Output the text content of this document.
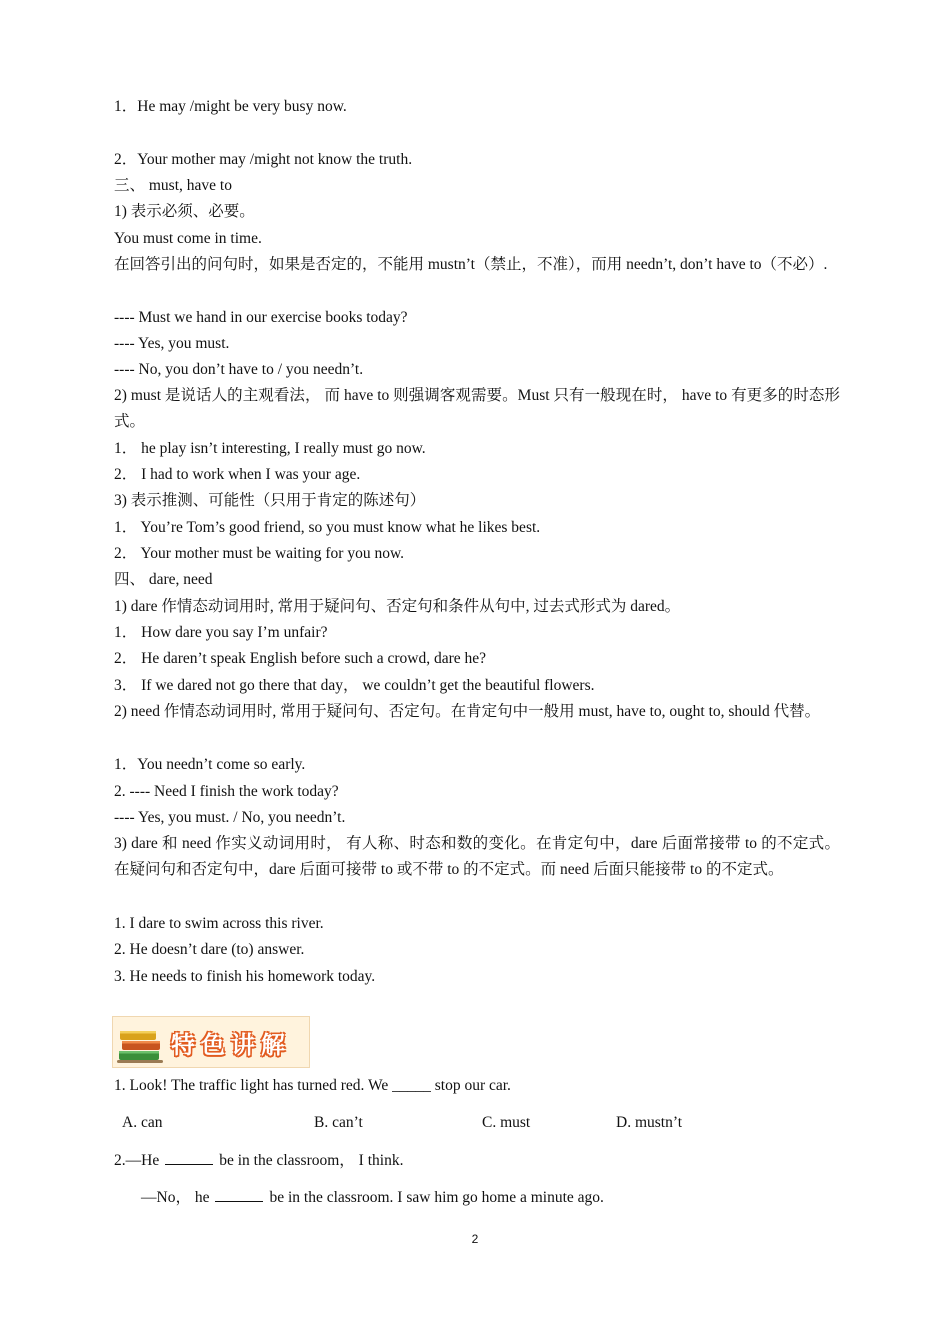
1．He may /might be very busy now.
2．Your mother may /might not know the truth.
三、 must, have to
1) 表示必须、必要。
You must come in time.
在回答引出的问句时，如果是否定的，不能用 mustn’t（禁止，不准），而用 needn’t, don’t have to（不必）.
---- Must we hand in our exercise books today?
---- Yes, you must.
---- No, you don’t have to / you needn’t.
2) must 是说话人的主观看法， 而 have to 则强调客观需要。Must 只有一般现在时， have to 有更多的时态形式。
1． he play isn’t interesting, I really must go now.
2． I had to work when I was your age.
3) 表示推测、可能性（只用于肯定的陈述句）
1． You’re Tom’s good friend, so you must know what he likes best.
2． Your mother must be waiting for you now.
四、 dare, need
1) dare 作情态动词用时, 常用于疑问句、否定句和条件从句中, 过去式形式为 dared。
1． How dare you say I’m unfair?
2． He daren’t speak English before such a crowd, dare he?
3． If we dared not go there that day， we couldn’t get the beautiful flowers.
2) need 作情态动词用时, 常用于疑问句、否定句。在肯定句中一般用 must, have to, ought to, should 代替。
1．You needn’t come so early.
2. ---- Need I finish the work today?
---- Yes, you must. / No, you needn’t.
3) dare 和 need 作实义动词用时， 有人称、时态和数的变化。在肯定句中，dare 后面常接带 to 的不定式。在疑问句和否定句中，dare 后面可接带 to 或不带 to 的不定式。而 need 后面只能接带 to 的不定式。
1. I dare to swim across this river.
2. He doesn’t dare (to) answer.
3. He needs to finish his homework today.
特色讲解
1. Look! The traffic light has turned red. We _____ stop our car.
A. can	B. can’t	C. must	D. mustn’t
2.—He	be in the classroom， I think.
—No， he	be in the classroom. I saw him go home a minute ago.
2
